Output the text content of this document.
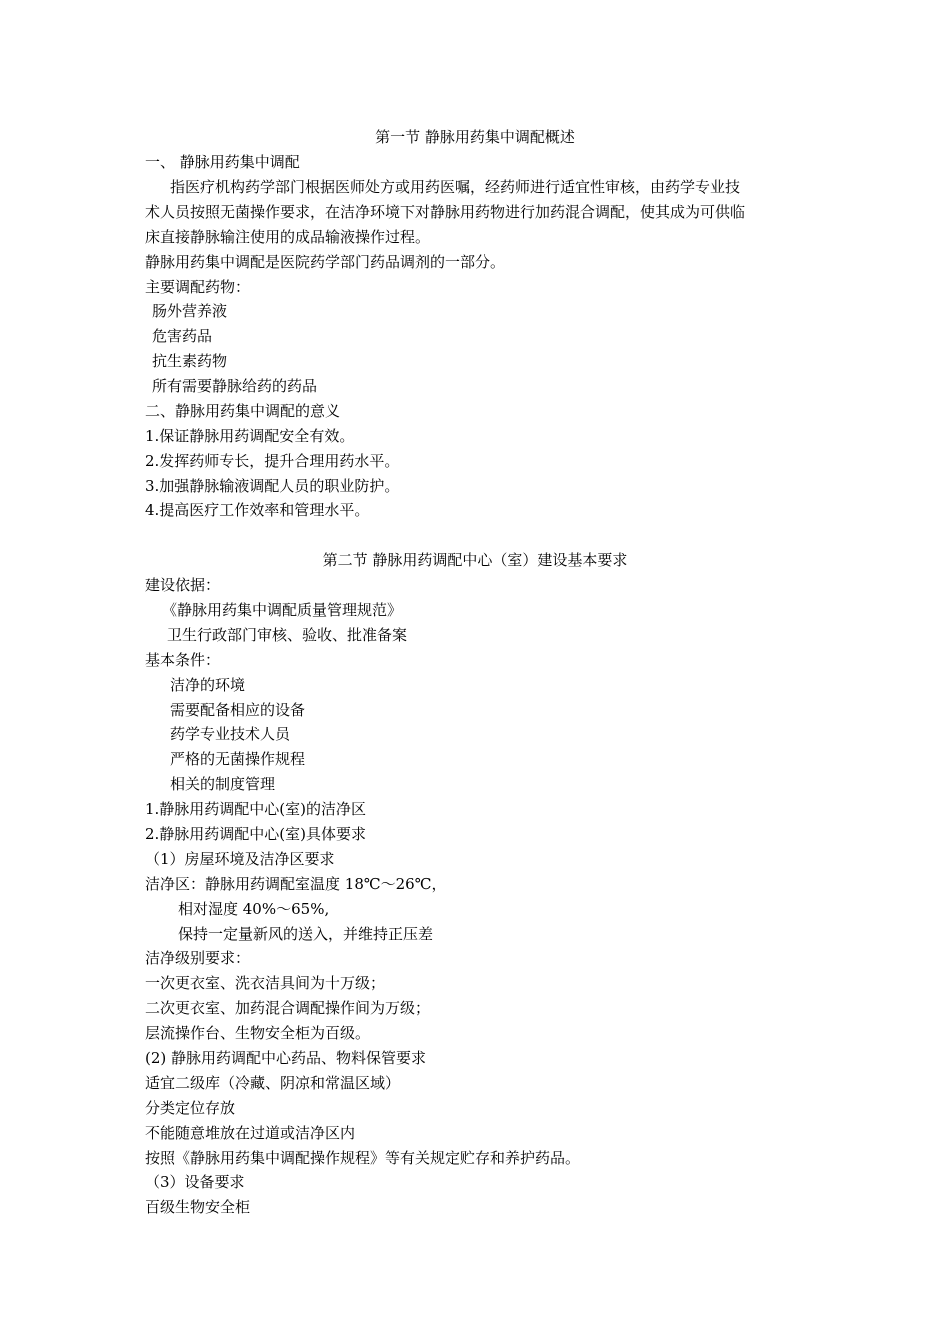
第一节 静脉用药集中调配概述

一、 静脉用药集中调配

指医疗机构药学部门根据医师处方或用药医嘱，经药师进行适宜性审核，由药学专业技

术人员按照无菌操作要求，在洁净环境下对静脉用药物进行加药混合调配，使其成为可供临

床直接静脉输注使用的成品输液操作过程。

静脉用药集中调配是医院药学部门药品调剂的一部分。

主要调配药物：

肠外营养液

危害药品

抗生素药物

所有需要静脉给药的药品

二、静脉用药集中调配的意义

1.保证静脉用药调配安全有效。

2.发挥药师专长，提升合理用药水平。

3.加强静脉输液调配人员的职业防护。

4.提高医疗工作效率和管理水平。

第二节 静脉用药调配中心（室）建设基本要求

建设依据：

《静脉用药集中调配质量管理规范》

卫生行政部门审核、验收、批准备案

基本条件：

洁净的环境

需要配备相应的设备

药学专业技术人员

严格的无菌操作规程

相关的制度管理

1.静脉用药调配中心(室)的洁净区

2.静脉用药调配中心(室)具体要求

（1）房屋环境及洁净区要求

洁净区：静脉用药调配室温度 18℃～26℃，

相对湿度 40%～65%,

保持一定量新风的送入，并维持正压差

洁净级别要求：

一次更衣室、洗衣洁具间为十万级；

二次更衣室、加药混合调配操作间为万级；

层流操作台、生物安全柜为百级。

(2) 静脉用药调配中心药品、物料保管要求

适宜二级库（冷藏、阴凉和常温区域）

分类定位存放

不能随意堆放在过道或洁净区内

按照《静脉用药集中调配操作规程》等有关规定贮存和养护药品。

（3）设备要求

百级生物安全柜
